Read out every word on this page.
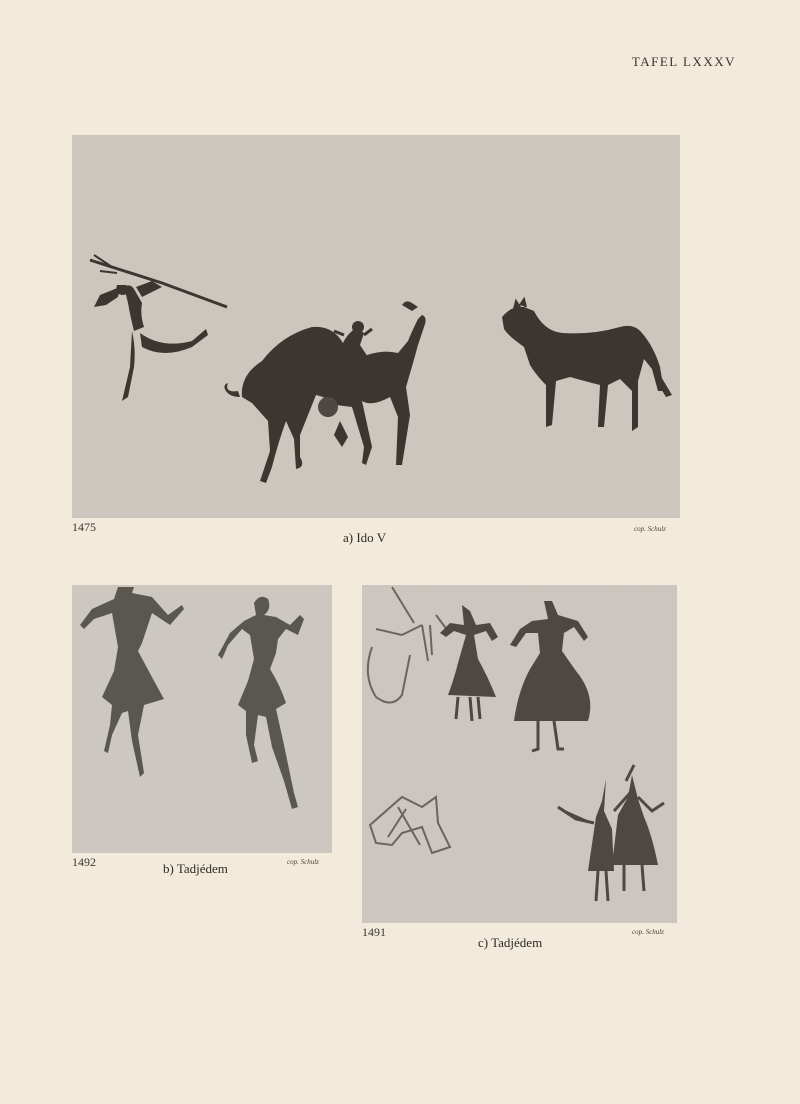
TAFEL LXXXV
1475	cop. Schulz
a) Ido V
1492	cop. Schulz
b) Tadjédem
1491	cop. Schulz
c) Tadjédem
